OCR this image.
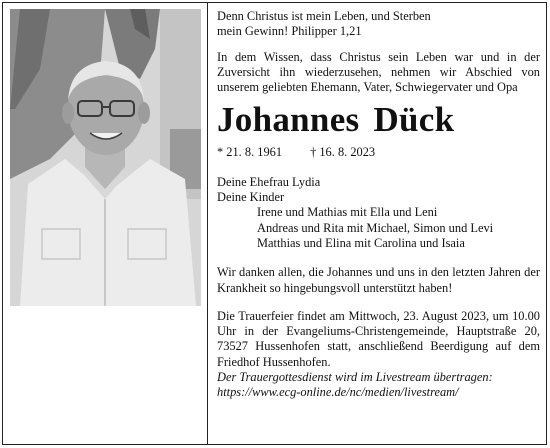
Denn Christus ist mein Leben, und Sterben

mein Gewinn! Philipper 1,21

In dem Wissen, dass Christus sein Leben war und in der Zuversicht ihn wiederzusehen, nehmen wir Abschied von unserem geliebten Ehemann, Vater, Schwiegervater und Opa

Johannes Dück

* 21. 8. 1961 † 16. 8. 2023

Deine Ehefrau Lydia

Deine Kinder

Irene und Mathias mit Ella und Leni

Andreas und Rita mit Michael, Simon und Levi

Matthias und Elina mit Carolina und Isaia

Wir danken allen, die Johannes und uns in den letzten Jahren der Krankheit so hingebungsvoll unterstützt haben!

Die Trauerfeier findet am Mittwoch, 23. August 2023, um 10.00 Uhr in der Evangeliums-Christengemeinde, Hauptstraße 20, 73527 Hussenhofen statt, anschließend Beerdigung auf dem Friedhof Hussenhofen.

Der Trauergottesdienst wird im Livestream übertragen:

https://www.ecg-online.de/nc/medien/livestream/
